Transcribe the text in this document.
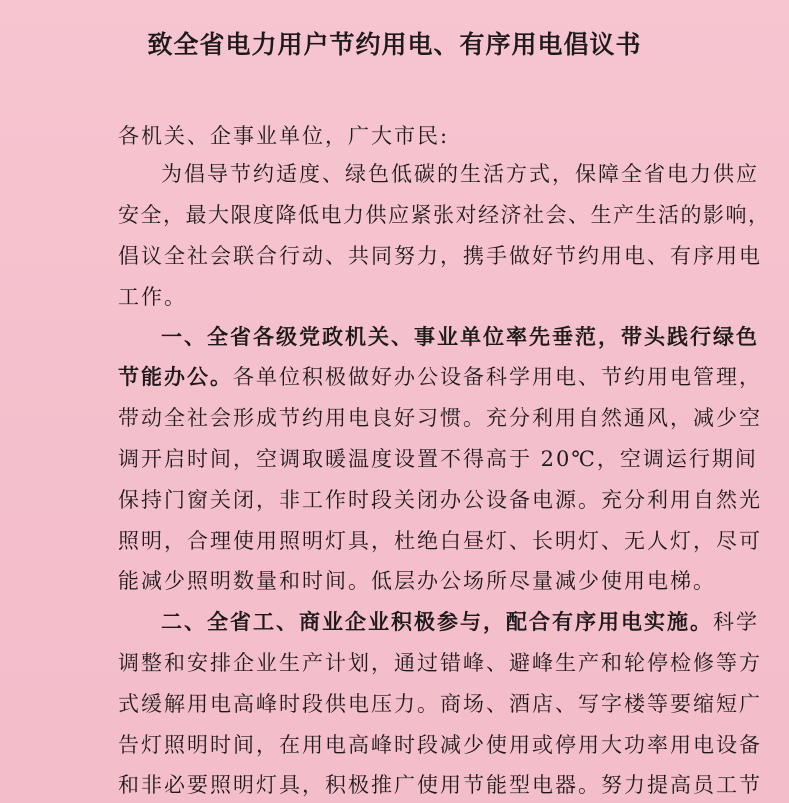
致全省电力用户节约用电、有序用电倡议书
各机关、企事业单位，广大市民:
为倡导节约适度、绿色低碳的生活方式，保障全省电力供应
安全，最大限度降低电力供应紧张对经济社会、生产生活的影响，
倡议全社会联合行动、共同努力，携手做好节约用电、有序用电
工作。
一、全省各级党政机关、事业单位率先垂范，带头践行绿色
节能办公。各单位积极做好办公设备科学用电、节约用电管理，
带动全社会形成节约用电良好习惯。充分利用自然通风，减少空
调开启时间，空调取暖温度设置不得高于 20℃，空调运行期间
保持门窗关闭，非工作时段关闭办公设备电源。充分利用自然光
照明，合理使用照明灯具，杜绝白昼灯、长明灯、无人灯，尽可
能减少照明数量和时间。低层办公场所尽量减少使用电梯。
二、全省工、商业企业积极参与，配合有序用电实施。科学
调整和安排企业生产计划，通过错峰、避峰生产和轮停检修等方
式缓解用电高峰时段供电压力。商场、酒店、写字楼等要缩短广
告灯照明时间，在用电高峰时段减少使用或停用大功率用电设备
和非必要照明灯具，积极推广使用节能型电器。努力提高员工节
